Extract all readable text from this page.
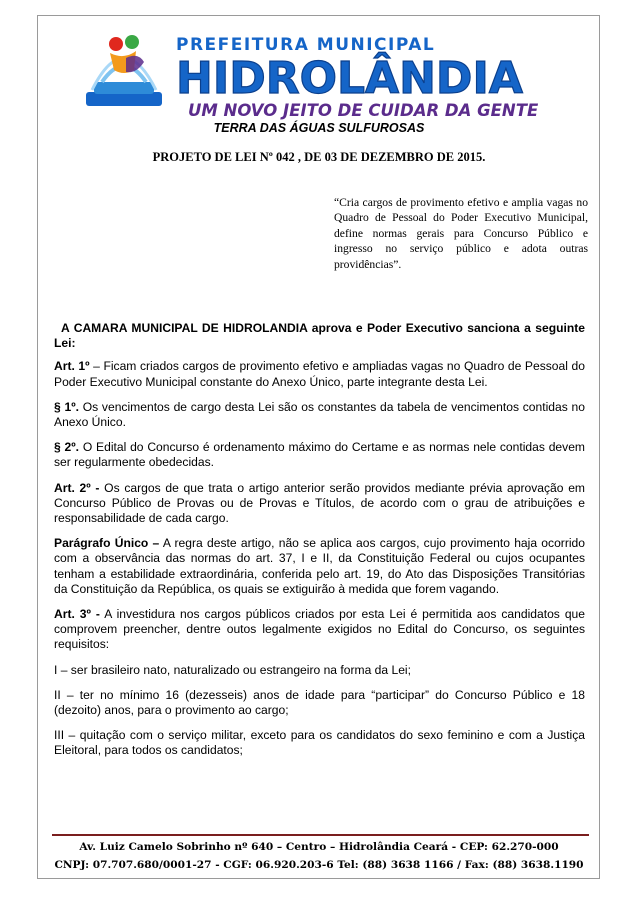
PREFEITURA MUNICIPAL
HIDROLÂNDIA
UM NOVO JEITO DE CUIDAR DA GENTE
TERRA DAS ÁGUAS SULFUROSAS
PROJETO DE LEI Nº 042 , DE 03 DE DEZEMBRO DE 2015.
“Cria cargos de provimento efetivo e amplia vagas no Quadro de Pessoal do Poder Executivo Municipal, define normas gerais para Concurso Público e ingresso no serviço público e adota outras providências”.

A CAMARA MUNICIPAL DE HIDROLANDIA aprova e Poder Executivo sanciona a seguinte Lei:

Art. 1º – Ficam criados cargos de provimento efetivo e ampliadas vagas no Quadro de Pessoal do Poder Executivo Municipal constante do Anexo Único, parte integrante desta Lei.

§ 1º. Os vencimentos de cargo desta Lei são os constantes da tabela de vencimentos contidas no Anexo Único.

§ 2º. O Edital do Concurso é ordenamento máximo do Certame e as normas nele contidas devem ser regularmente obedecidas.

Art. 2º - Os cargos de que trata o artigo anterior serão providos mediante prévia aprovação em Concurso Público de Provas ou de Provas e Títulos, de acordo com o grau de atribuições e responsabilidade de cada cargo.

Parágrafo Único – A regra deste artigo, não se aplica aos cargos, cujo provimento haja ocorrido com a observância das normas do art. 37, I e II, da Constituição Federal ou cujos ocupantes tenham a estabilidade extraordinária, conferida pelo art. 19, do Ato das Disposições Transitórias da Constituição da República, os quais se extiguirão à medida que forem vagando.

Art. 3º - A investidura nos cargos públicos criados por esta Lei é permitida aos candidatos que comprovem preencher, dentre outos legalmente exigidos no Edital do Concurso, os seguintes requisitos:

I – ser brasileiro nato, naturalizado ou estrangeiro na forma da Lei;

II – ter no mínimo 16 (dezesseis) anos de idade para “participar” do Concurso Público e 18 (dezoito) anos, para o provimento ao cargo;

III – quitação com o serviço militar, exceto para os candidatos do sexo feminino e com a Justiça Eleitoral, para todos os candidatos;

Av. Luiz Camelo Sobrinho nº 640 – Centro – Hidrolândia Ceará - CEP: 62.270-000
CNPJ: 07.707.680/0001-27 - CGF: 06.920.203-6 Tel: (88) 3638 1166 / Fax: (88) 3638.1190
